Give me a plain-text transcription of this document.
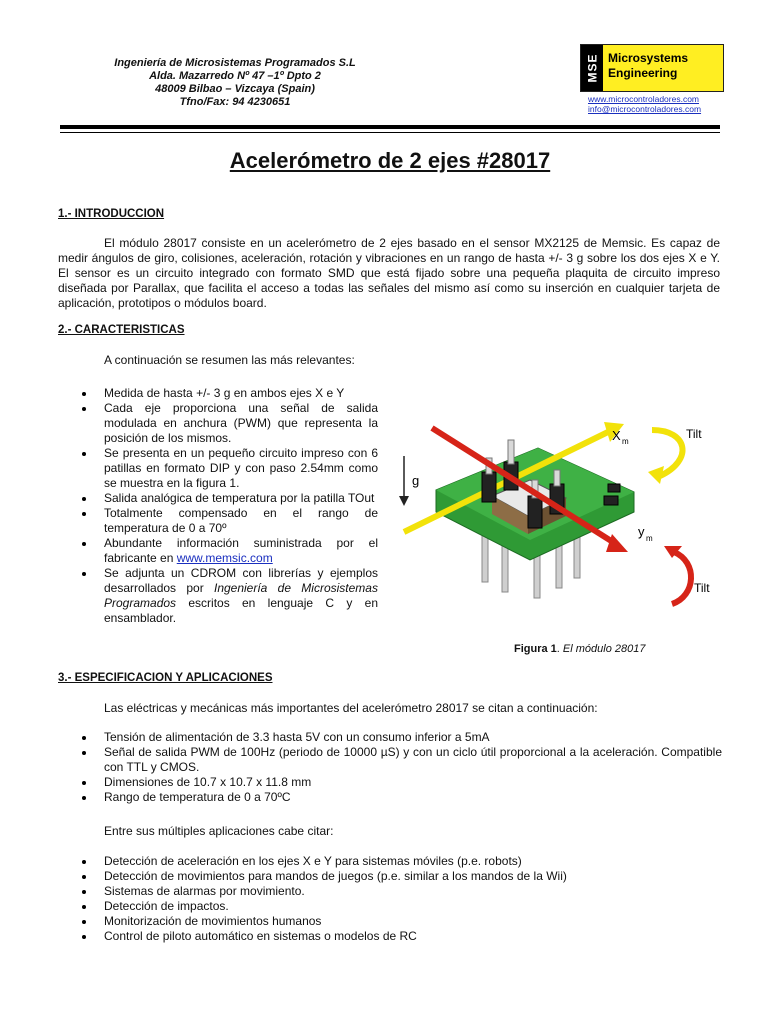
Ingeniería de Microsistemas Programados S.L
Alda. Mazarredo Nº 47 –1º Dpto 2
48009 Bilbao – Vizcaya (Spain)
Tfno/Fax: 94 4230651
MSE Microsystems
Engineering
www.microcontroladores.com
info@microcontroladores.com
Acelerómetro de 2 ejes #28017
1.- INTRODUCCION
El módulo 28017 consiste en un acelerómetro de 2 ejes basado en el sensor MX2125 de Memsic. Es capaz de medir ángulos de giro, colisiones, aceleración, rotación y vibraciones en un rango de hasta +/- 3 g sobre los dos ejes X e Y. El sensor es un circuito integrado con formato SMD que está fijado sobre una pequeña plaquita de circuito impreso diseñada por Parallax, que facilita el acceso a todas las señales del mismo así como su inserción en cualquier tarjeta de aplicación, prototipos o módulos board.
2.- CARACTERISTICAS
A continuación se resumen las más relevantes:
Medida de hasta +/- 3 g en ambos ejes X e Y
Cada eje proporciona una señal de salida modulada en anchura (PWM) que representa la posición de los mismos.
Se presenta en un pequeño circuito impreso con 6 patillas en formato DIP y con paso 2.54mm como se muestra en la figura 1.
Salida analógica de temperatura por la patilla TOut
Totalmente compensado en el rango de temperatura de 0 a 70º
Abundante información suministrada por el fabricante en www.memsic.com
Se adjunta un CDROM con librerías y ejemplos desarrollados por Ingeniería de Microsistemas Programados escritos en lenguaje C y en ensamblador.
g
X m
y m
Tilt
Tilt
Figura 1. El módulo 28017
3.- ESPECIFICACION Y APLICACIONES
Las eléctricas y mecánicas más importantes del acelerómetro 28017 se citan a continuación:
Tensión de alimentación de 3.3 hasta 5V con un consumo inferior a 5mA
Señal de salida PWM de 100Hz (periodo de 10000 µS) y con un ciclo útil proporcional a la aceleración. Compatible con TTL y CMOS.
Dimensiones de 10.7 x 10.7 x 11.8 mm
Rango de temperatura de 0 a 70ºC
Entre sus múltiples aplicaciones cabe citar:
Detección de aceleración en los ejes X e Y para sistemas móviles (p.e. robots)
Detección de movimientos para mandos de juegos (p.e. similar a los mandos de la Wii)
Sistemas de alarmas por movimiento.
Detección de impactos.
Monitorización de movimientos humanos
Control de piloto automático en sistemas o modelos de RC
